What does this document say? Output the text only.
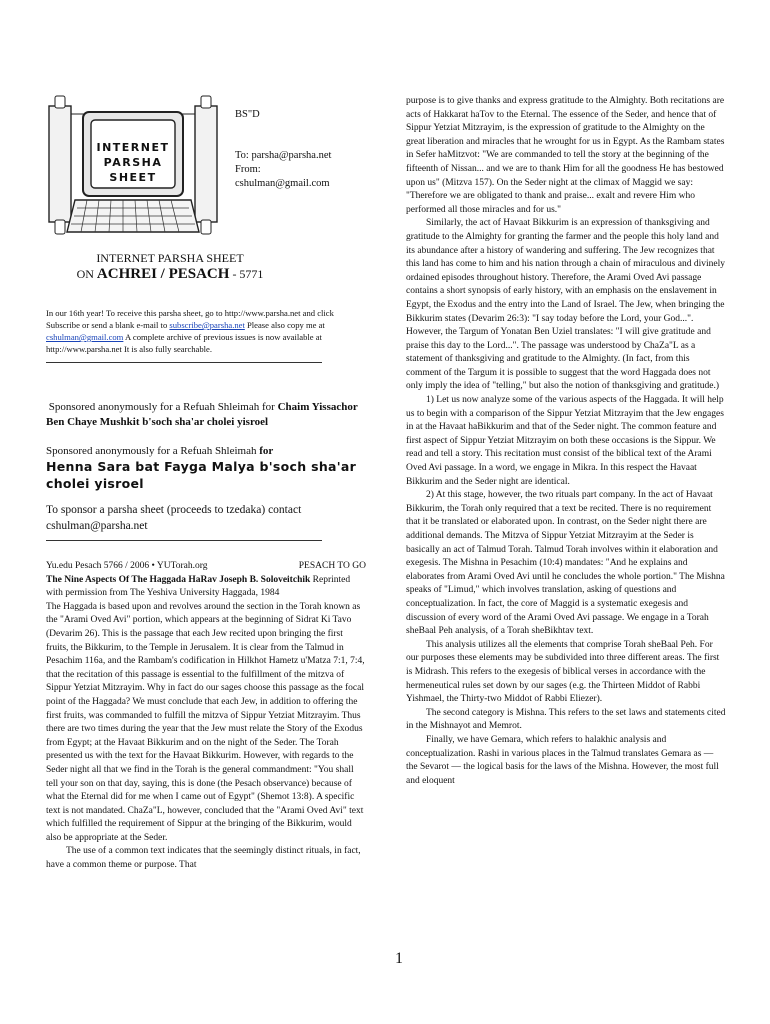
INTERNET
PARSHA
SHEET
BS"D
To: parsha@parsha.net
From:
cshulman@gmail.com
INTERNET PARSHA SHEET
ON ACHREI / PESACH - 5771
In our 16th year! To receive this parsha sheet, go to http://www.parsha.net and click Subscribe or send a blank e-mail to subscribe@parsha.net Please also copy me at cshulman@gmail.com A complete archive of previous issues is now available at http://www.parsha.net It is also fully searchable.
Sponsored anonymously for a Refuah Shleimah for Chaim Yissachor Ben Chaye Mushkit b'soch sha'ar cholei yisroel
Sponsored anonymously for a Refuah Shleimah for
Henna Sara bat Fayga Malya b'soch sha'ar cholei yisroel
To sponsor a parsha sheet (proceeds to tzedaka) contact cshulman@parsha.net
Yu.edu Pesach 5766 / 2006 • YUTorah.org	PESACH TO GO

The Nine Aspects Of The Haggada HaRav Joseph B. Soloveitchik Reprinted with permission from The Yeshiva University Haggada, 1984

The Haggada is based upon and revolves around the section in the Torah known as the "Arami Oved Avi" portion, which appears at the beginning of Sidrat Ki Tavo (Devarim 26). This is the passage that each Jew recited upon bringing the first fruits, the Bikkurim, to the Temple in Jerusalem. It is clear from the Talmud in Pesachim 116a, and the Rambam's codification in Hilkhot Hametz u'Matza 7:1, 7:4, that the recitation of this passage is essential to the fulfillment of the mitzva of Sippur Yetziat Mitzrayim. Why in fact do our sages choose this passage as the focal point of the Haggada? We must conclude that each Jew, in addition to offering the first fruits, was commanded to fulfill the mitzva of Sippur Yetziat Mitzrayim. Thus there are two times during the year that the Jew must relate the Story of the Exodus from Egypt; at the Havaat Bikkurim and on the night of the Seder. The Torah presented us with the text for the Havaat Bikkurim. However, with regards to the Seder night all that we find in the Torah is the general commandment: "You shall tell your son on that day, saying, this is done (the Pesach observance) because of what the Eternal did for me when I came out of Egypt" (Shemot 13:8). A specific text is not mandated. ChaZa"L, however, concluded that the "Arami Oved Avi" text which fulfilled the requirement of Sippur at the bringing of the Bikkurim, would also be appropriate at the Seder.

The use of a common text indicates that the seemingly distinct rituals, in fact, have a common theme or purpose. That

purpose is to give thanks and express gratitude to the Almighty. Both recitations are acts of Hakkarat haTov to the Eternal. The essence of the Seder, and hence that of Sippur Yetziat Mitzrayim, is the expression of gratitude to the Almighty on the great liberation and miracles that he wrought for us in Egypt. As the Rambam states in Sefer haMitzvot: "We are commanded to tell the story at the beginning of the fifteenth of Nissan... and we are to thank Him for all the goodness He has bestowed upon us" (Mitzva 157). On the Seder night at the climax of Maggid we say: "Therefore we are obligated to thank and praise... exalt and revere Him who performed all those miracles and for us."

Similarly, the act of Havaat Bikkurim is an expression of thanksgiving and gratitude to the Almighty for granting the farmer and the people this holy land and its abundance after a history of wandering and suffering. The Jew recognizes that this land has come to him and his nation through a chain of miraculous and divinely ordained episodes throughout history. Therefore, the Arami Oved Avi passage contains a short synopsis of early history, with an emphasis on the enslavement in Egypt, the Exodus and the entry into the Land of Israel. The Jew, when bringing the Bikkurim states (Devarim 26:3): "I say today before the Lord, your God...". However, the Targum of Yonatan Ben Uziel translates: "I will give gratitude and praise this day to the Lord...". The passage was understood by ChaZa"L as a statement of thanksgiving and gratitude to the Almighty. (In fact, from this comment of the Targum it is possible to suggest that the word Haggada does not only imply the idea of "telling," but also the notion of thanksgiving and gratitude.)

1) Let us now analyze some of the various aspects of the Haggada. It will help us to begin with a comparison of the Sippur Yetziat Mitzrayim that the Jew engages in at the Havaat haBikkurim and that of the Seder night. The common feature and first aspect of Sippur Yetziat Mitzrayim on both these occasions is the Sippur. We read and tell a story. This recitation must consist of the biblical text of the Arami Oved Avi passage. In a word, we engage in Mikra. In this respect the Havaat Bikkurim and the Seder night are identical.

2) At this stage, however, the two rituals part company. In the act of Havaat Bikkurim, the Torah only required that a text be recited. There is no requirement that it be translated or elaborated upon. In contrast, on the Seder night there are additional demands. The Mitzva of Sippur Yetziat Mitzrayim at the Seder is basically an act of Talmud Torah. Talmud Torah involves within it elaboration and exegesis. The Mishna in Pesachim (10:4) mandates: "And he explains and elaborates from Arami Oved Avi until he concludes the whole portion." The Mishna speaks of "Limud," which involves translation, asking of questions and conceptualization. In fact, the core of Maggid is a systematic exegesis and discussion of every word of the Arami Oved Avi passage. We engage in a Torah sheBaal Peh analysis, of a Torah sheBikhtav text.

This analysis utilizes all the elements that comprise Torah sheBaal Peh. For our purposes these elements may be subdivided into three different areas. The first is Midrash. This refers to the exegesis of biblical verses in accordance with the hermeneutical rules set down by our sages (e.g. the Thirteen Middot of Rabbi Yishmael, the Thirty-two Middot of Rabbi Eliezer).

The second category is Mishna. This refers to the set laws and statements cited in the Mishnayot and Memrot.

Finally, we have Gemara, which refers to halakhic analysis and conceptualization. Rashi in various places in the Talmud translates Gemara as — the Sevarot — the logical basis for the laws of the Mishna. However, the most full and eloquent

1
